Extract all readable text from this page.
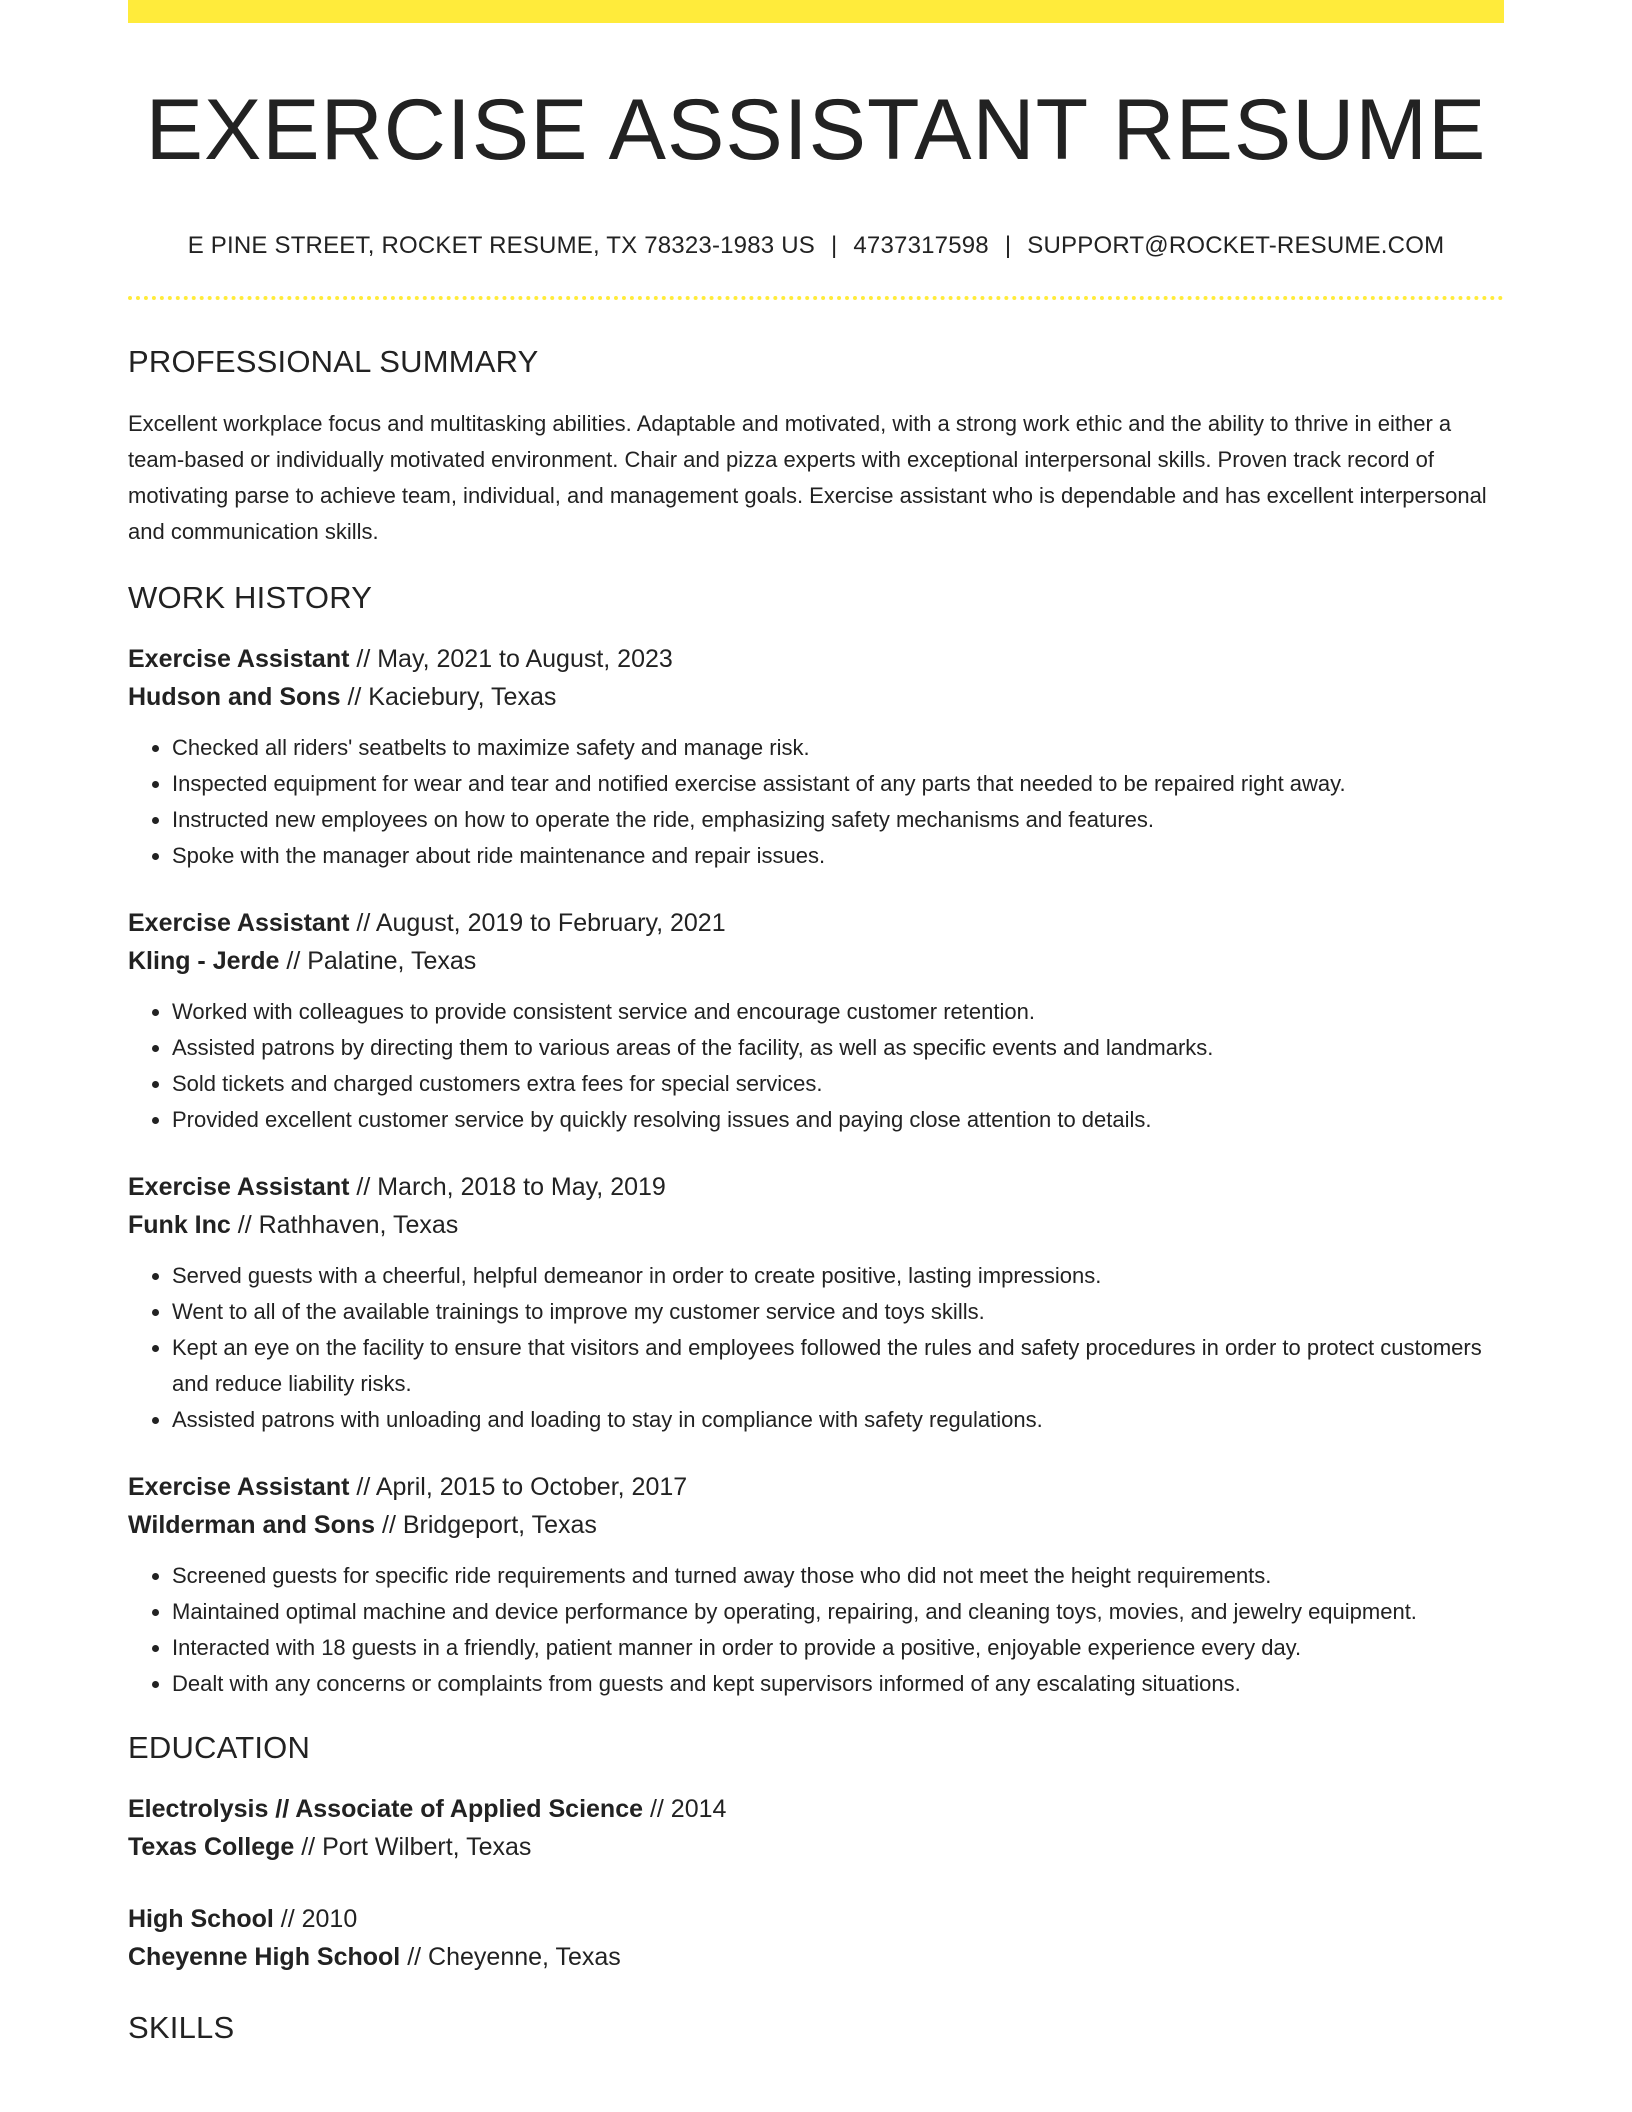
EXERCISE ASSISTANT RESUME
E PINE STREET, ROCKET RESUME, TX 78323-1983 US | 4737317598 | SUPPORT@ROCKET-RESUME.COM
PROFESSIONAL SUMMARY

Excellent workplace focus and multitasking abilities. Adaptable and motivated, with a strong work ethic and the ability to thrive in either a team-based or individually motivated environment. Chair and pizza experts with exceptional interpersonal skills. Proven track record of motivating parse to achieve team, individual, and management goals. Exercise assistant who is dependable and has excellent interpersonal and communication skills.

WORK HISTORY
Exercise Assistant // May, 2021 to August, 2023
Hudson and Sons // Kaciebury, Texas
• Checked all riders' seatbelts to maximize safety and manage risk.
• Inspected equipment for wear and tear and notified exercise assistant of any parts that needed to be repaired right away.
• Instructed new employees on how to operate the ride, emphasizing safety mechanisms and features.
• Spoke with the manager about ride maintenance and repair issues.
Exercise Assistant // August, 2019 to February, 2021
Kling - Jerde // Palatine, Texas
• Worked with colleagues to provide consistent service and encourage customer retention.
• Assisted patrons by directing them to various areas of the facility, as well as specific events and landmarks.
• Sold tickets and charged customers extra fees for special services.
• Provided excellent customer service by quickly resolving issues and paying close attention to details.
Exercise Assistant // March, 2018 to May, 2019
Funk Inc // Rathhaven, Texas
• Served guests with a cheerful, helpful demeanor in order to create positive, lasting impressions.
• Went to all of the available trainings to improve my customer service and toys skills.
• Kept an eye on the facility to ensure that visitors and employees followed the rules and safety procedures in order to protect customers and reduce liability risks.
• Assisted patrons with unloading and loading to stay in compliance with safety regulations.
Exercise Assistant // April, 2015 to October, 2017
Wilderman and Sons // Bridgeport, Texas
• Screened guests for specific ride requirements and turned away those who did not meet the height requirements.
• Maintained optimal machine and device performance by operating, repairing, and cleaning toys, movies, and jewelry equipment.
• Interacted with 18 guests in a friendly, patient manner in order to provide a positive, enjoyable experience every day.
• Dealt with any concerns or complaints from guests and kept supervisors informed of any escalating situations.
EDUCATION
Electrolysis // Associate of Applied Science // 2014
Texas College // Port Wilbert, Texas
High School // 2010
Cheyenne High School // Cheyenne, Texas
SKILLS
